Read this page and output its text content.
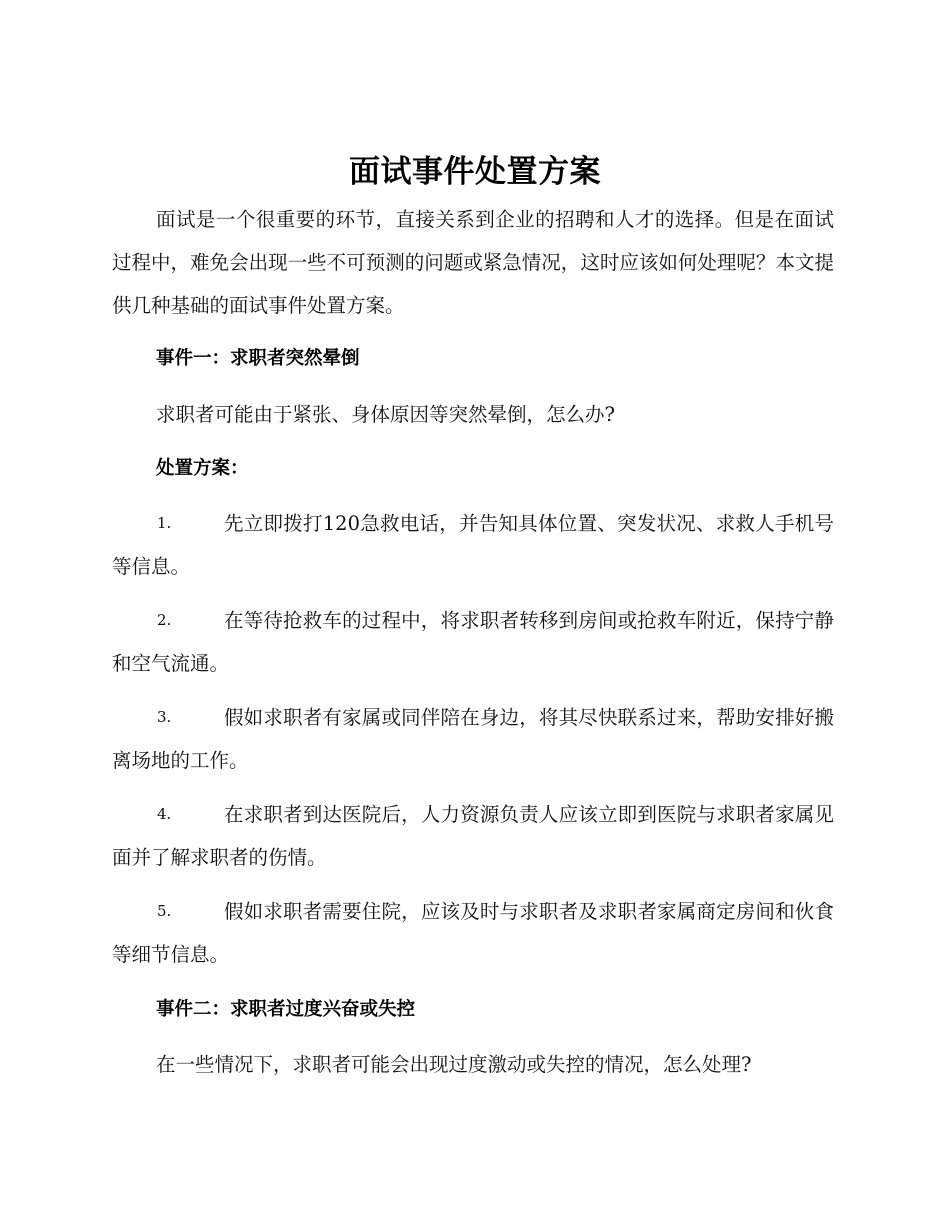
面试事件处置方案

面试是一个很重要的环节，直接关系到企业的招聘和人才的选择。但是在面试过程中，难免会出现一些不可预测的问题或紧急情况，这时应该如何处理呢？本文提供几种基础的面试事件处置方案。

事件一：求职者突然晕倒
求职者可能由于紧张、身体原因等突然晕倒，怎么办?
处置方案：
1.	先立即拨打120急救电话，并告知具体位置、突发状况、求救人手机号等信息。
2.	在等待抢救车的过程中，将求职者转移到房间或抢救车附近，保持宁静和空气流通。
3.	假如求职者有家属或同伴陪在身边，将其尽快联系过来，帮助安排好搬离场地的工作。
4.	在求职者到达医院后，人力资源负责人应该立即到医院与求职者家属见面并了解求职者的伤情。
5.	假如求职者需要住院，应该及时与求职者及求职者家属商定房间和伙食等细节信息。
事件二：求职者过度兴奋或失控
在一些情况下，求职者可能会出现过度激动或失控的情况，怎么处理?
